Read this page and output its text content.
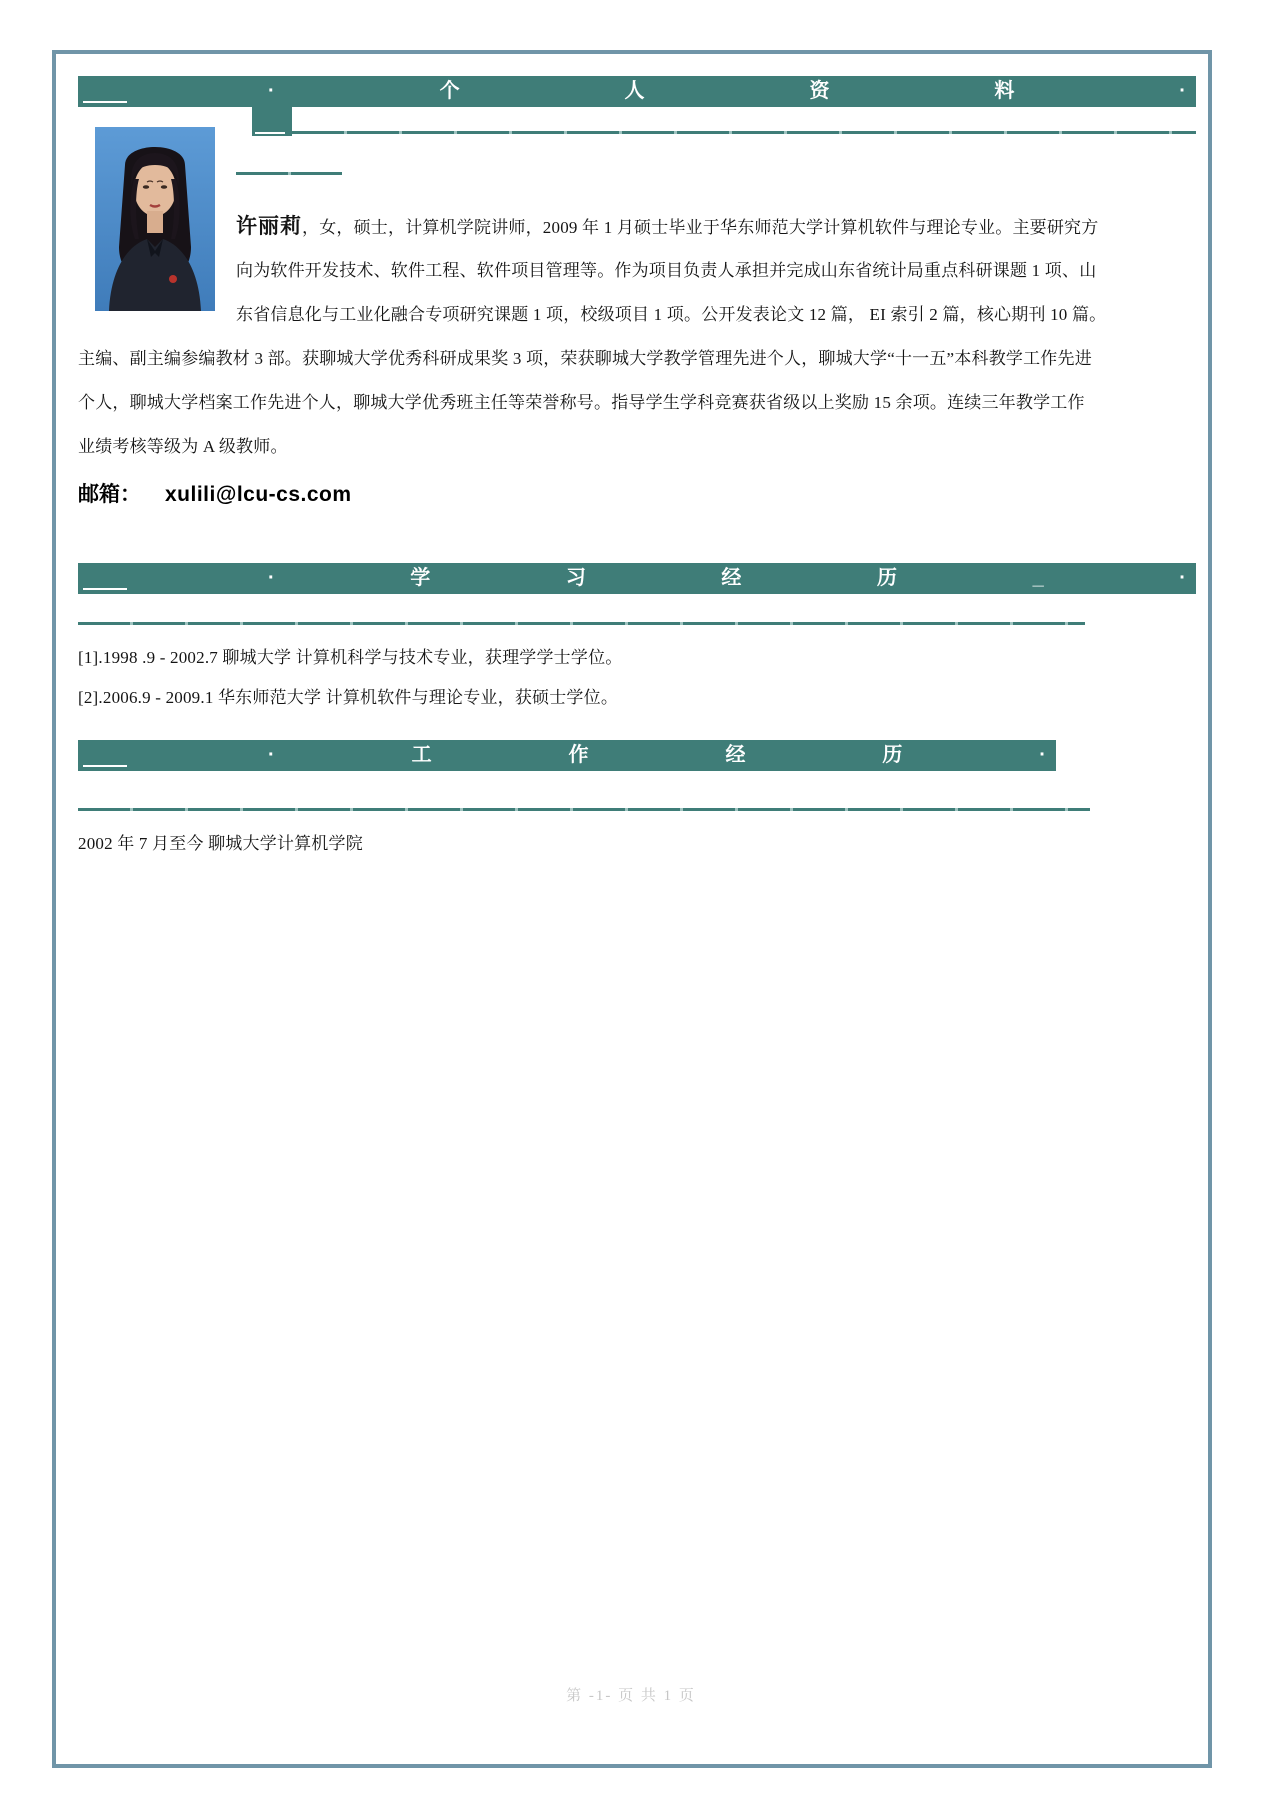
·	个	人	资	料	·
许丽莉，女，硕士，计算机学院讲师，2009 年 1 月硕士毕业于华东师范大学计算机软件与理论专业。主要研究方
向为软件开发技术、软件工程、软件项目管理等。作为项目负责人承担并完成山东省统计局重点科研课题 1 项、山
东省信息化与工业化融合专项研究课题 1 项，校级项目 1 项。公开发表论文 12 篇， EI 索引 2 篇，核心期刊 10 篇。
主编、副主编参编教材 3 部。获聊城大学优秀科研成果奖 3 项，荣获聊城大学教学管理先进个人，聊城大学“十一五”本科教学工作先进
个人，聊城大学档案工作先进个人，聊城大学优秀班主任等荣誉称号。指导学生学科竞赛获省级以上奖励 15 余项。连续三年教学工作
业绩考核等级为 A 级教师。
邮箱： xulili@lcu-cs.com
·	学	习	经	历	_	·
[1].1998 .9 - 2002.7 聊城大学 计算机科学与技术专业，获理学学士学位。
[2].2006.9 - 2009.1 华东师范大学 计算机软件与理论专业，获硕士学位。
·	工	作	经	历	·
2002 年 7 月至今 聊城大学计算机学院
第 -1- 页 共 1 页
